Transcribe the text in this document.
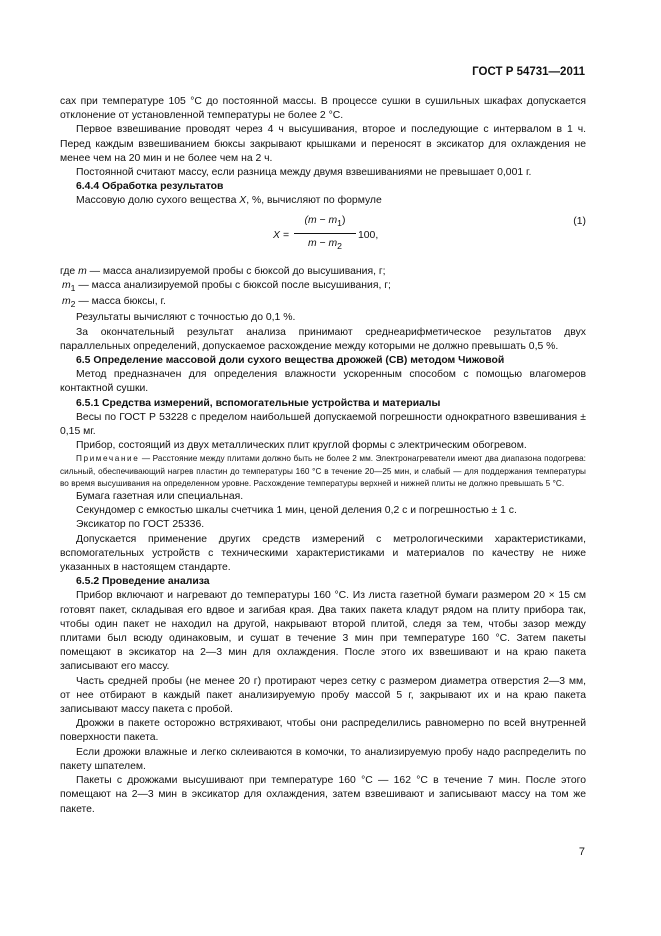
ГОСТ Р 54731—2011

сах при температуре 105 °С до постоянной массы. В процессе сушки в сушильных шкафах допускается отклонение от установленной температуры не более 2 °С.

Первое взвешивание проводят через 4 ч высушивания, второе и последующие с интервалом в 1 ч. Перед каждым взвешиванием бюксы закрывают крышками и переносят в эксикатор для охлаждения не менее чем на 20 мин и не более чем на 2 ч.

Постоянной считают массу, если разница между двумя взвешиваниями не превышает 0,001 г.

6.4.4 Обработка результатов

Массовую долю сухого вещества X, %, вычисляют по формуле

X =
$(m - m_1)$
$m - m_2$
100,
(1)

где m — масса анализируемой пробы с бюксой до высушивания, г;

$m_1$ — масса анализируемой пробы с бюксой после высушивания, г;

$m_2$ — масса бюксы, г.

Результаты вычисляют с точностью до 0,1 %.

За окончательный результат анализа принимают среднеарифметическое результатов двух параллельных определений, допускаемое расхождение между которыми не должно превышать 0,5 %.

6.5 Определение массовой доли сухого вещества дрожжей (СВ) методом Чижовой

Метод предназначен для определения влажности ускоренным способом с помощью влагомеров контактной сушки.

6.5.1 Средства измерений, вспомогательные устройства и материалы

Весы по ГОСТ Р 53228 с пределом наибольшей допускаемой погрешности однократного взвешивания ± 0,15 мг.

Прибор, состоящий из двух металлических плит круглой формы с электрическим обогревом.

Примечание — Расстояние между плитами должно быть не более 2 мм. Электронагреватели имеют два диапазона подогрева: сильный, обеспечивающий нагрев пластин до температуры 160 °С в течение 20—25 мин, и слабый — для поддержания температуры во время высушивания на определенном уровне. Расхождение температуры верхней и нижней плиты не должно превышать 5 °С.

Бумага газетная или специальная.

Секундомер с емкостью шкалы счетчика 1 мин, ценой деления 0,2 с и погрешностью ± 1 с.

Эксикатор по ГОСТ 25336.

Допускается применение других средств измерений с метрологическими характеристиками, вспомогательных устройств с техническими характеристиками и материалов по качеству не ниже указанных в настоящем стандарте.

6.5.2 Проведение анализа

Прибор включают и нагревают до температуры 160 °С. Из листа газетной бумаги размером 20 × 15 см готовят пакет, складывая его вдвое и загибая края. Два таких пакета кладут рядом на плиту прибора так, чтобы один пакет не находил на другой, накрывают второй плитой, следя за тем, чтобы зазор между плитами был всюду одинаковым, и сушат в течение 3 мин при температуре 160 °С. Затем пакеты помещают в эксикатор на 2—3 мин для охлаждения. После этого их взвешивают и на краю пакета записывают его массу.

Часть средней пробы (не менее 20 г) протирают через сетку с размером диаметра отверстия 2—3 мм, от нее отбирают в каждый пакет анализируемую пробу массой 5 г, закрывают их и на краю пакета записывают массу пакета с пробой.

Дрожжи в пакете осторожно встряхивают, чтобы они распределились равномерно по всей внутренней поверхности пакета.

Если дрожжи влажные и легко склеиваются в комочки, то анализируемую пробу надо распределить по пакету шпателем.

Пакеты с дрожжами высушивают при температуре 160 °С — 162 °С в течение 7 мин. После этого помещают на 2—3 мин в эксикатор для охлаждения, затем взвешивают и записывают массу на том же пакете.

7
